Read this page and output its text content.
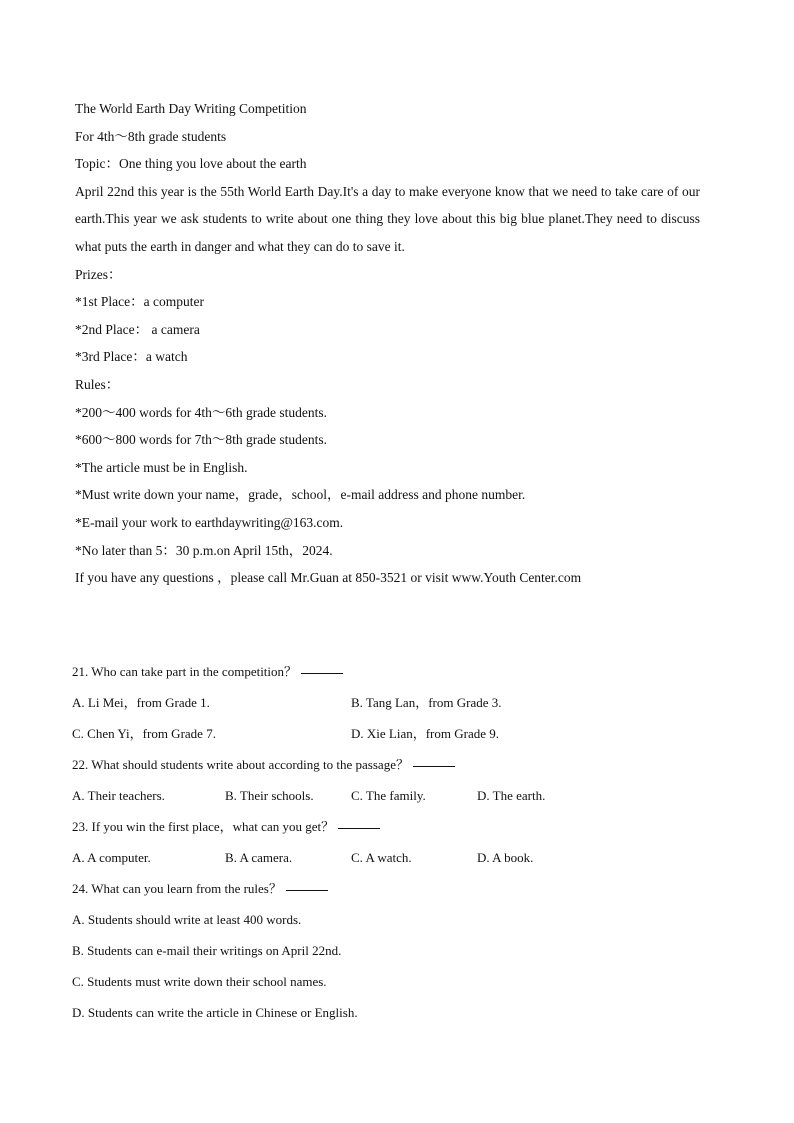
The World Earth Day Writing Competition
For 4th～8th grade students
Topic：One thing you love about the earth
April 22nd this year is the 55th World Earth Day.It's a day to make everyone know that we need to take care of our earth.This year we ask students to write about one thing they love about this big blue planet.They need to discuss what puts the earth in danger and what they can do to save it.
Prizes：
*1st Place：a computer
*2nd Place： a camera
*3rd Place：a watch
Rules：
*200～400 words for 4th～6th grade students.
*600～800 words for 7th～8th grade students.
*The article must be in English.
*Must write down your name，grade，school，e-mail address and phone number.
*E-mail your work to earthdaywriting@163.com.
*No later than 5：30 p.m.on April 15th，2024.
If you have any questions ，please call Mr.Guan at 850-3521 or visit www.Youth Center.com
21. Who can take part in the competition？
A. Li Mei，from Grade 1.	B. Tang Lan，from Grade 3.
C. Chen Yi，from Grade 7.	D. Xie Lian，from Grade 9.
22. What should students write about according to the passage？
A. Their teachers.	B. Their schools.	C. The family.	D. The earth.
23. If you win the first place，what can you get？
A. A computer.	B. A camera.	C. A watch.	D. A book.
24. What can you learn from the rules？
A. Students should write at least 400 words.
B. Students can e-mail their writings on April 22nd.
C. Students must write down their school names.
D. Students can write the article in Chinese or English.
